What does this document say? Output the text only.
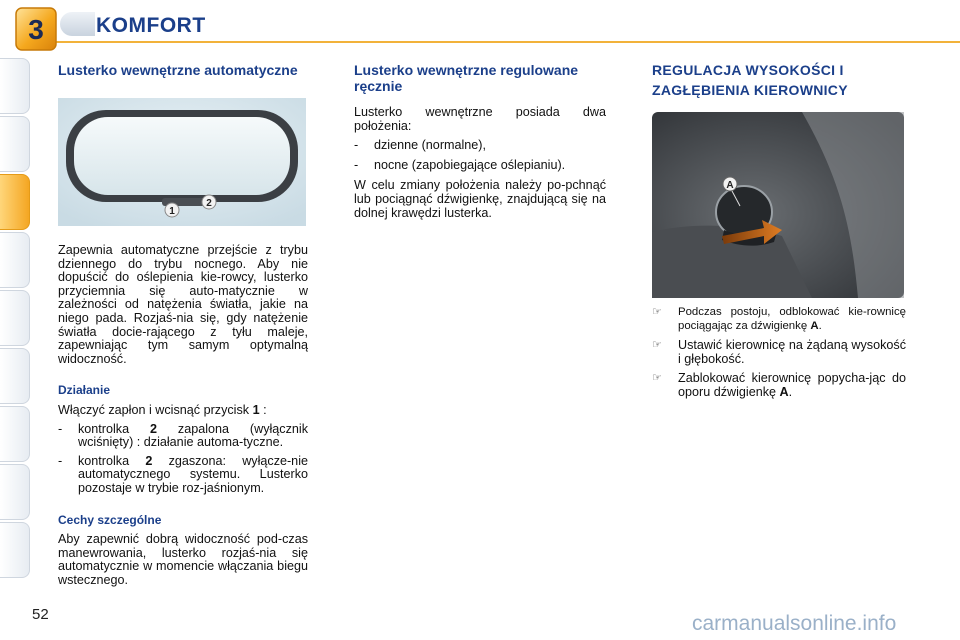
3 KOMFORT
Lusterko wewnętrzne automatyczne
1
2
Zapewnia automatyczne przejście z trybu dziennego do trybu nocnego. Aby nie dopuścić do oślepienia kie-rowcy, lusterko przyciemnia się auto-matycznie w zależności od natężenia światła, jakie na niego pada. Rozjaś-nia się, gdy natężenie światła docie-rającego z tyłu maleje, zapewniając tym samym optymalną widoczność.
Działanie
Włączyć zapłon i wcisnąć przycisk 1 :
-	kontrolka 2 zapalona (wyłącznik wciśnięty) : działanie automa-tyczne.
-	kontrolka 2 zgaszona: wyłącze-nie automatycznego systemu. Lusterko pozostaje w trybie roz-jaśnionym.
Cechy szczególne
Aby zapewnić dobrą widoczność pod-czas manewrowania, lusterko rozjaś-nia się automatycznie w momencie włączania biegu wstecznego.
Lusterko wewnętrzne regulowane ręcznie
Lusterko wewnętrzne posiada dwa położenia:
-	dzienne (normalne),
-	nocne (zapobiegające oślepianiu).
W celu zmiany położenia należy po-pchnąć lub pociągnąć dźwigienkę, znajdującą się na dolnej krawędzi lusterka.
REGULACJA WYSOKOŚCI I ZAGŁĘBIENIA KIEROWNICY
A
☞	Podczas postoju, odblokować kie-rownicę pociągając za dźwigienkę A.
☞	Ustawić kierownicę na żądaną wysokość i głębokość.
☞	Zablokować kierownicę popycha-jąc do oporu dźwigienkę A.
52	carmanualsonline.info
